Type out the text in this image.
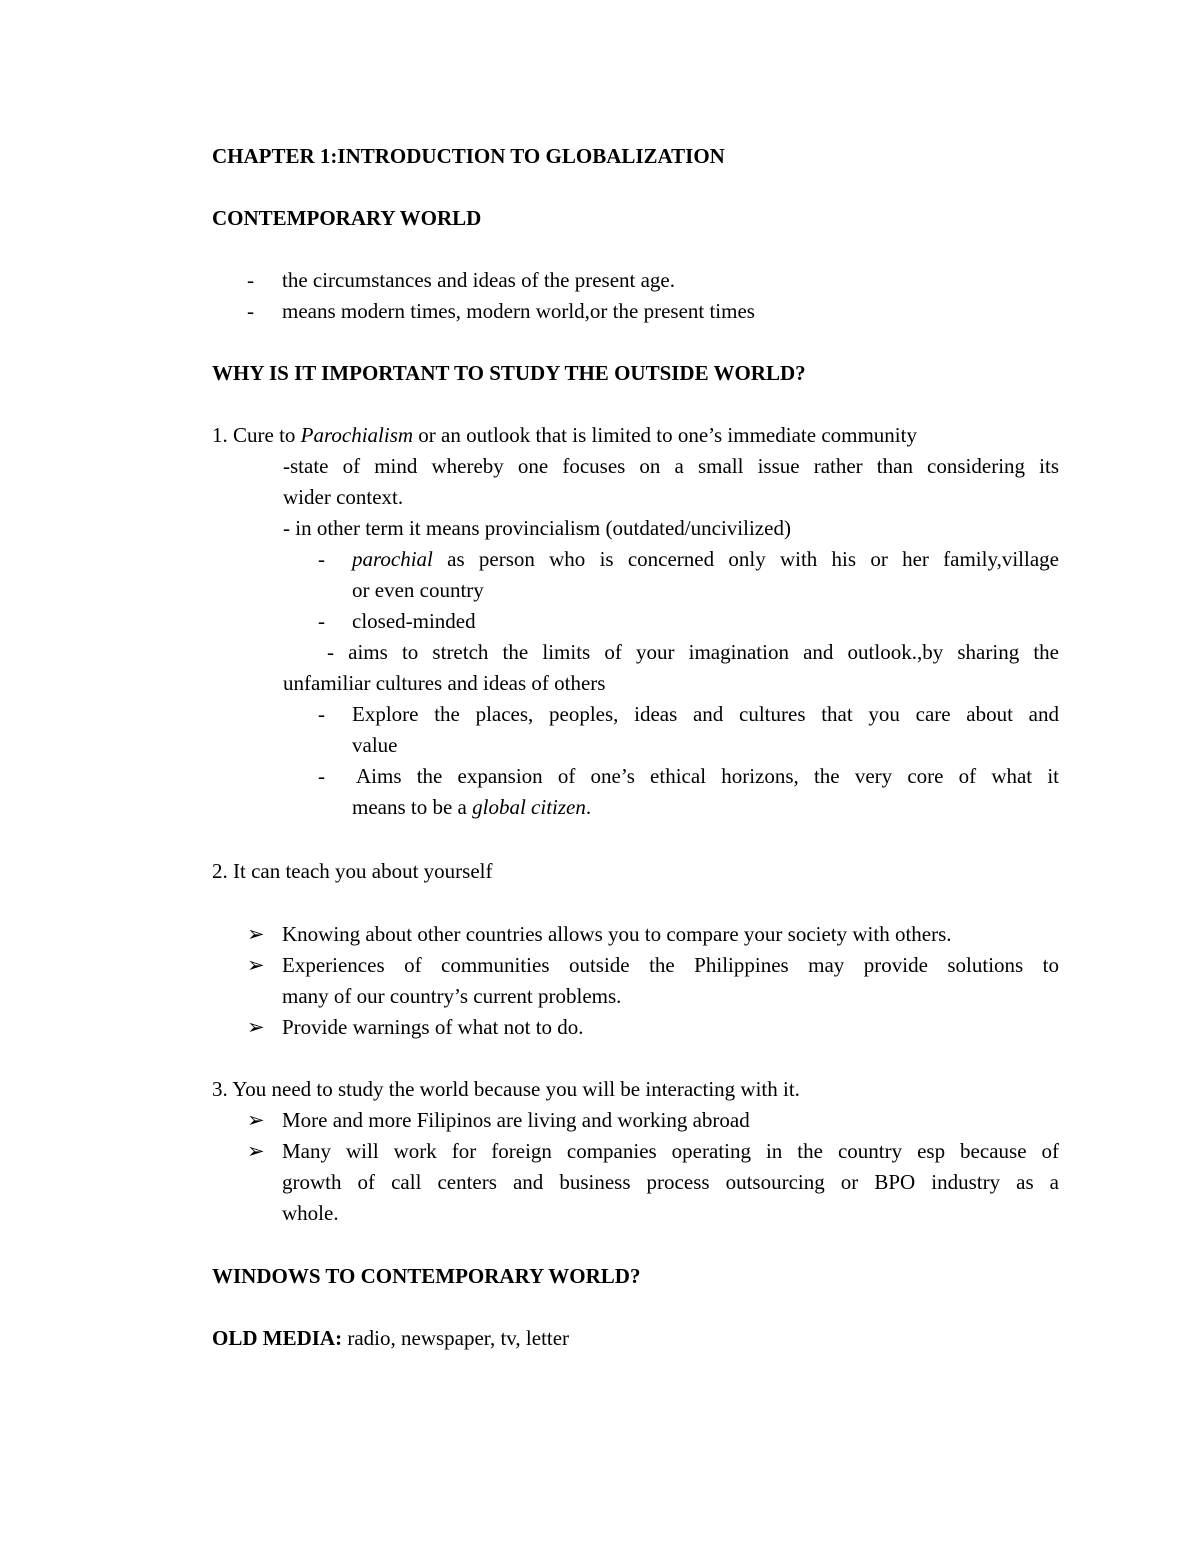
CHAPTER 1:INTRODUCTION TO GLOBALIZATION
CONTEMPORARY WORLD
- the circumstances and ideas of the present age.
- means modern times, modern world,or the present times
WHY IS IT IMPORTANT TO STUDY THE OUTSIDE WORLD?
1. Cure to Parochialism or an outlook that is limited to one’s immediate community
-state of mind whereby one focuses on a small issue rather than considering its
wider context.
- in other term it means provincialism (outdated/uncivilized)
- parochial as person who is concerned only with his or her family,village
or even country
- closed-minded
- aims to stretch the limits of your imagination and outlook.,by sharing the
unfamiliar cultures and ideas of others
- Explore the places, peoples, ideas and cultures that you care about and
value
- Aims the expansion of one’s ethical horizons, the very core of what it
means to be a global citizen.
2. It can teach you about yourself
➢ Knowing about other countries allows you to compare your society with others.
➢ Experiences of communities outside the Philippines may provide solutions to
many of our country’s current problems.
➢ Provide warnings of what not to do.
3. You need to study the world because you will be interacting with it.
➢ More and more Filipinos are living and working abroad
➢ Many will work for foreign companies operating in the country esp because of
growth of call centers and business process outsourcing or BPO industry as a
whole.
WINDOWS TO CONTEMPORARY WORLD?
OLD MEDIA: radio, newspaper, tv, letter
